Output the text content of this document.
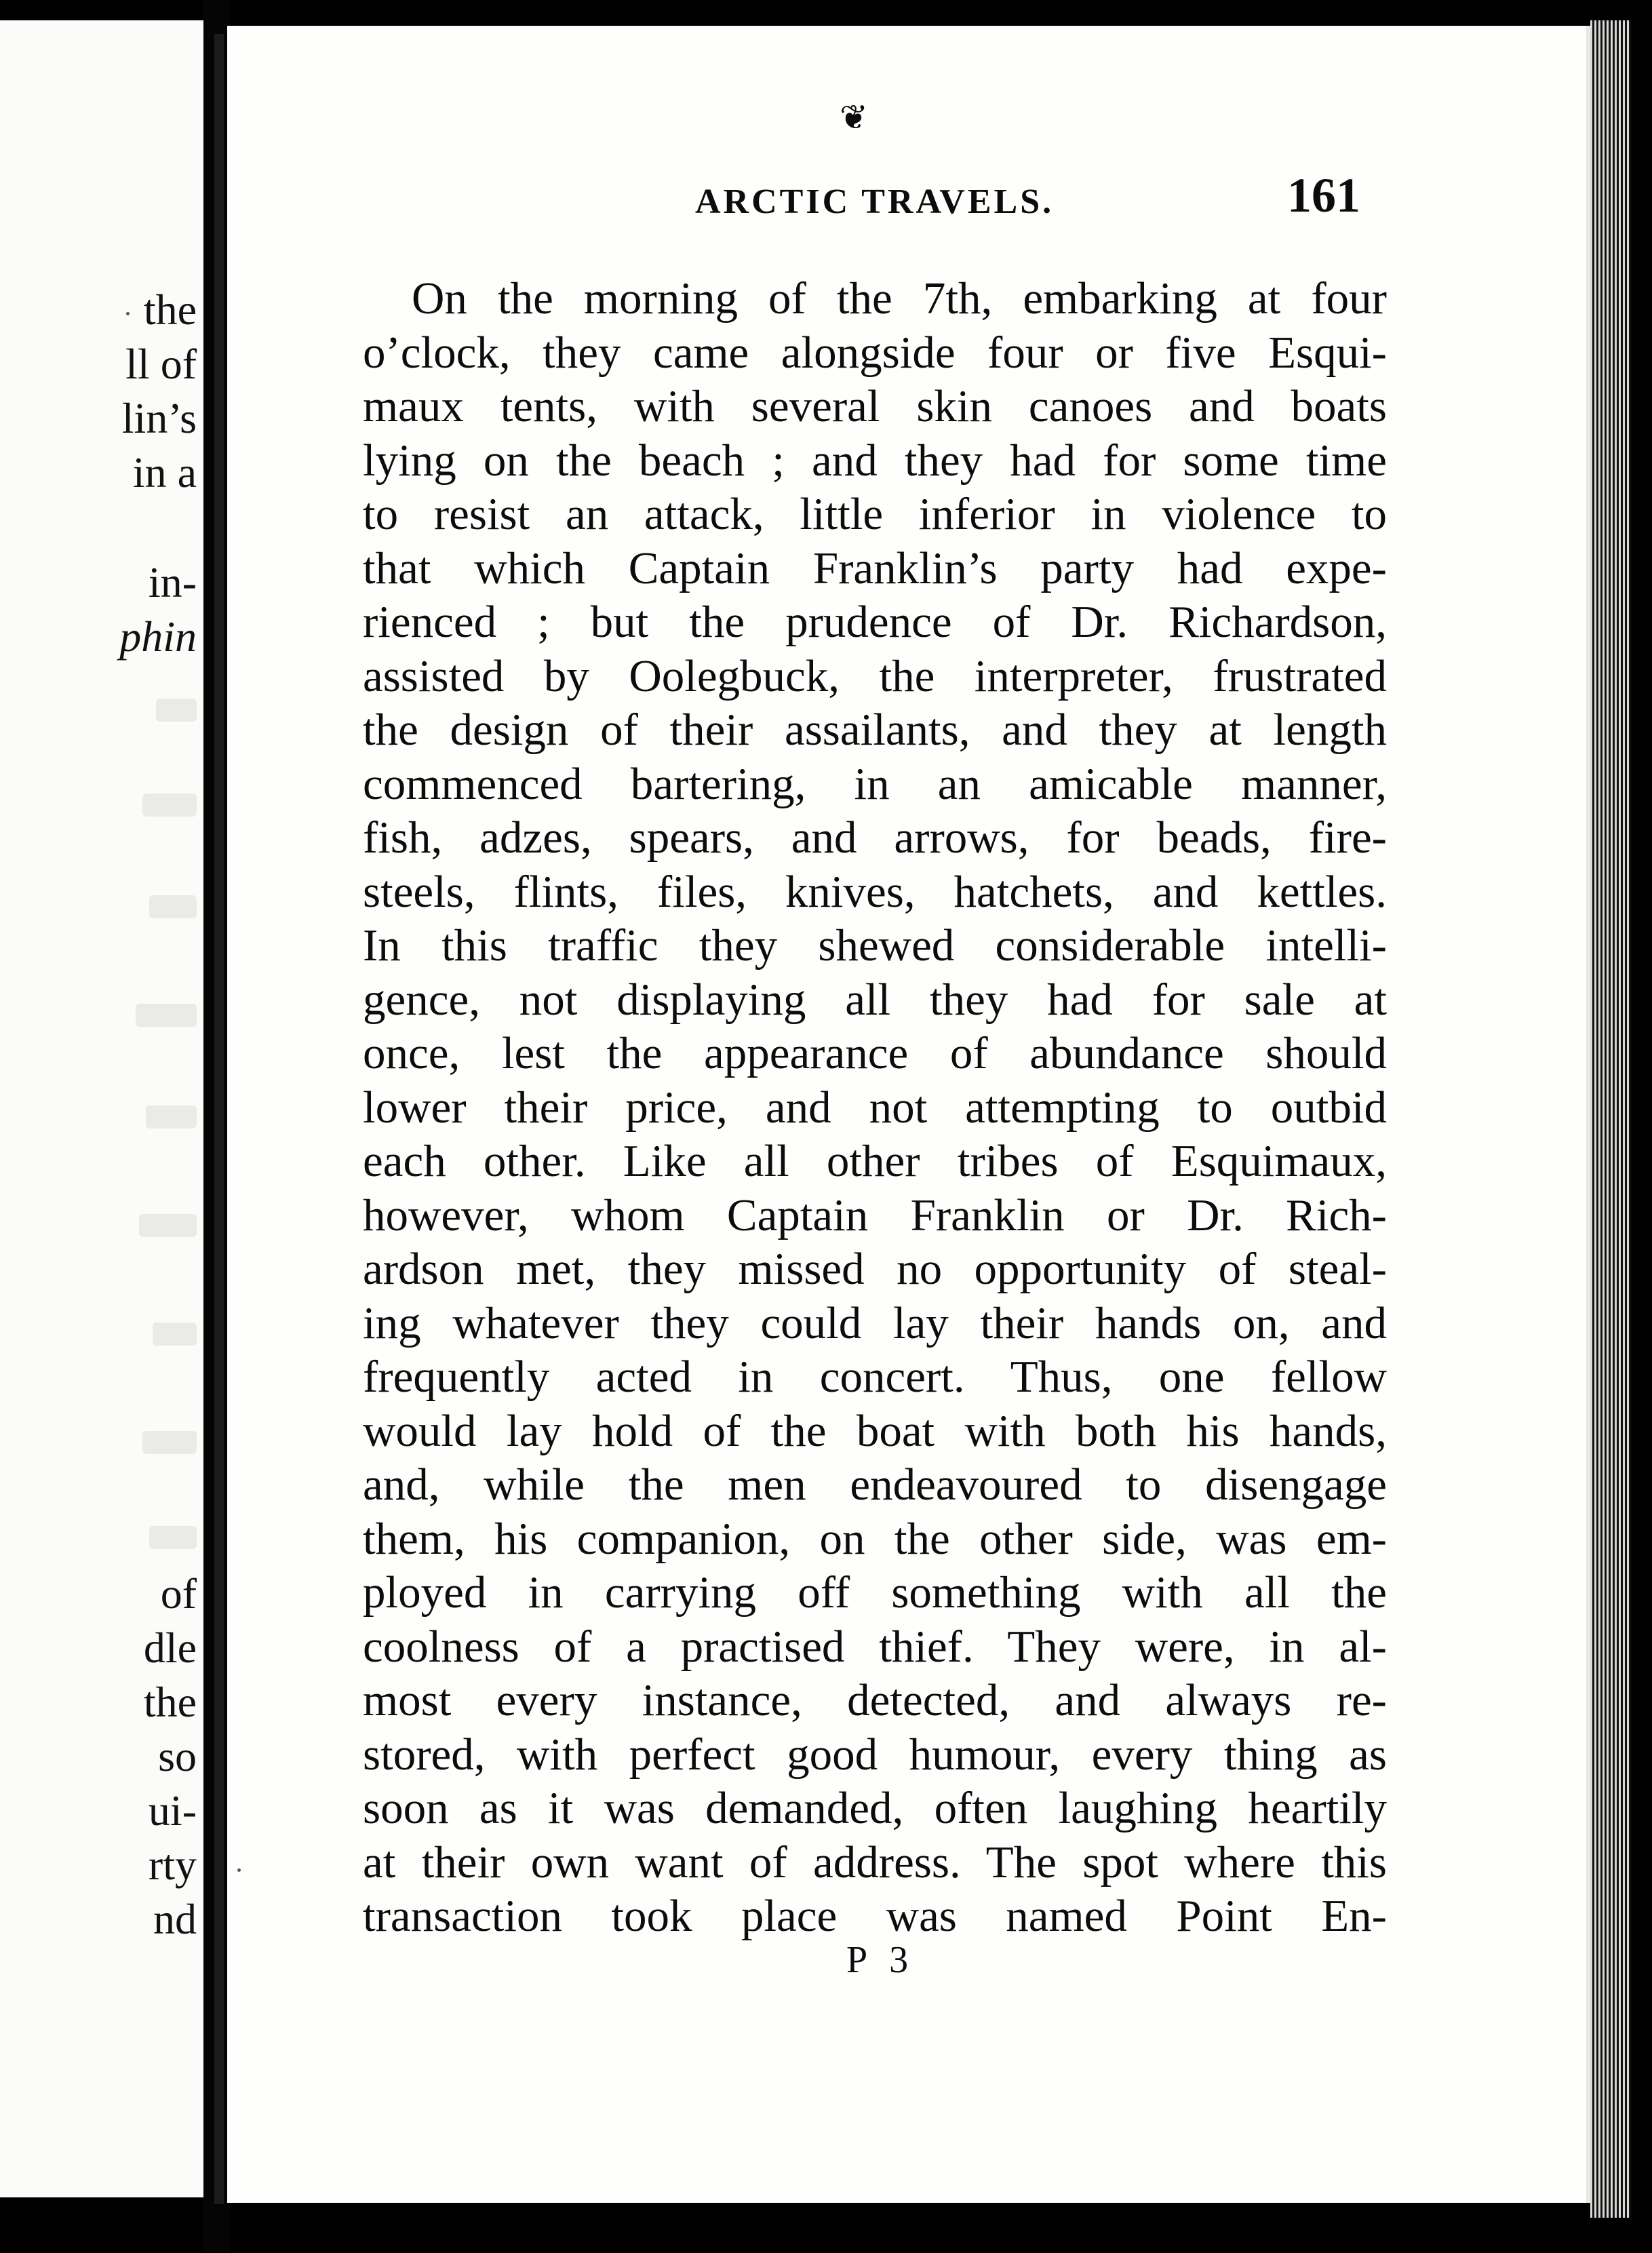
the
ll of
lin’s
in a
in-
phin
of
dle
the
so
ui-
rty
nd
❦
ARCTIC TRAVELS.	161
On the morning of the 7th, embarking at four
o’clock, they came alongside four or five Esqui-
maux tents, with several skin canoes and boats
lying on the beach ; and they had for some time
to resist an attack, little inferior in violence to
that which Captain Franklin’s party had expe-
rienced ; but the prudence of Dr. Richardson,
assisted by Oolegbuck, the interpreter, frustrated
the design of their assailants, and they at length
commenced bartering, in an amicable manner,
fish, adzes, spears, and arrows, for beads, fire-
steels, flints, files, knives, hatchets, and kettles.
In this traffic they shewed considerable intelli-
gence, not displaying all they had for sale at
once, lest the appearance of abundance should
lower their price, and not attempting to outbid
each other. Like all other tribes of Esquimaux,
however, whom Captain Franklin or Dr. Rich-
ardson met, they missed no opportunity of steal-
ing whatever they could lay their hands on, and
frequently acted in concert. Thus, one fellow
would lay hold of the boat with both his hands,
and, while the men endeavoured to disengage
them, his companion, on the other side, was em-
ployed in carrying off something with all the
coolness of a practised thief. They were, in al-
most every instance, detected, and always re-
stored, with perfect good humour, every thing as
soon as it was demanded, often laughing heartily
at their own want of address. The spot where this
transaction took place was named Point En-
P 3
